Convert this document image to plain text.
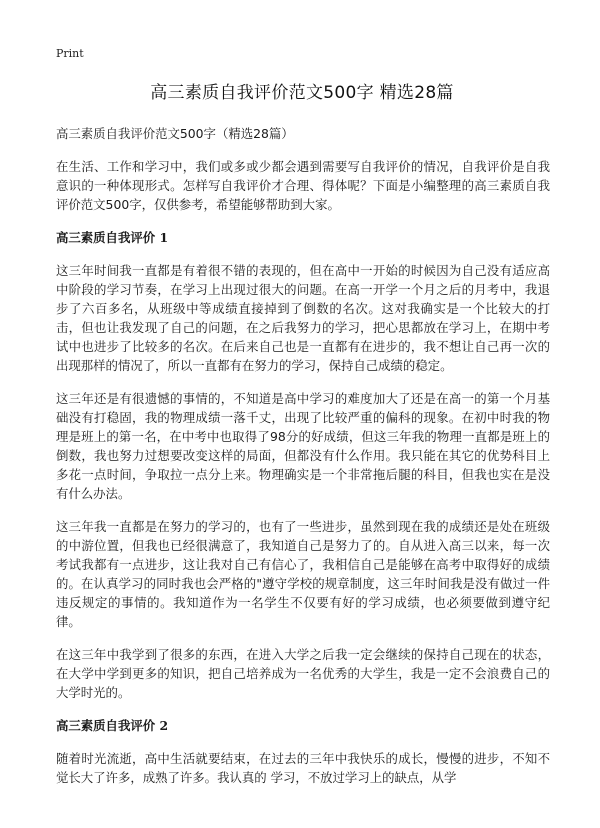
Print
高三素质自我评价范文500字 精选28篇

高三素质自我评价范文500字（精选28篇）

在生活、工作和学习中，我们或多或少都会遇到需要写自我评价的情况，自我评价是自我意识的一种体现形式。怎样写自我评价才合理、得体呢？下面是小编整理的高三素质自我评价范文500字，仅供参考，希望能够帮助到大家。

高三素质自我评价 1

这三年时间我一直都是有着很不错的表现的，但在高中一开始的时候因为自己没有适应高中阶段的学习节奏，在学习上出现过很大的问题。在高一开学一个月之后的月考中，我退步了六百多名，从班级中等成绩直接掉到了倒数的名次。这对我确实是一个比较大的打击，但也让我发现了自己的问题，在之后我努力的学习，把心思都放在学习上，在期中考试中也进步了比较多的名次。在后来自己也是一直都有在进步的，我不想让自己再一次的出现那样的情况了，所以一直都有在努力的学习，保持自己成绩的稳定。

这三年还是有很遗憾的事情的，不知道是高中学习的难度加大了还是在高一的第一个月基础没有打稳固，我的物理成绩一落千丈，出现了比较严重的偏科的现象。在初中时我的物理是班上的第一名，在中考中也取得了98分的好成绩，但这三年我的物理一直都是班上的倒数，我也努力过想要改变这样的局面，但都没有什么作用。我只能在其它的优势科目上多花一点时间，争取拉一点分上来。物理确实是一个非常拖后腿的科目，但我也实在是没有什么办法。

这三年我一直都是在努力的学习的，也有了一些进步，虽然到现在我的成绩还是处在班级的中游位置，但我也已经很满意了，我知道自己是努力了的。自从进入高三以来，每一次考试我都有一点进步，这让我对自己有信心了，我相信自己是能够在高考中取得好的成绩的。在认真学习的同时我也会严格的"遵守学校的规章制度，这三年时间我是没有做过一件违反规定的事情的。我知道作为一名学生不仅要有好的学习成绩，也必须要做到遵守纪律。

在这三年中我学到了很多的东西，在进入大学之后我一定会继续的保持自己现在的状态，在大学中学到更多的知识，把自己培养成为一名优秀的大学生，我是一定不会浪费自己的大学时光的。

高三素质自我评价 2

随着时光流逝，高中生活就要结束，在过去的三年中我快乐的成长，慢慢的进步，不知不觉长大了许多，成熟了许多。我认真的 学习，不放过学习上的缺点，从学
